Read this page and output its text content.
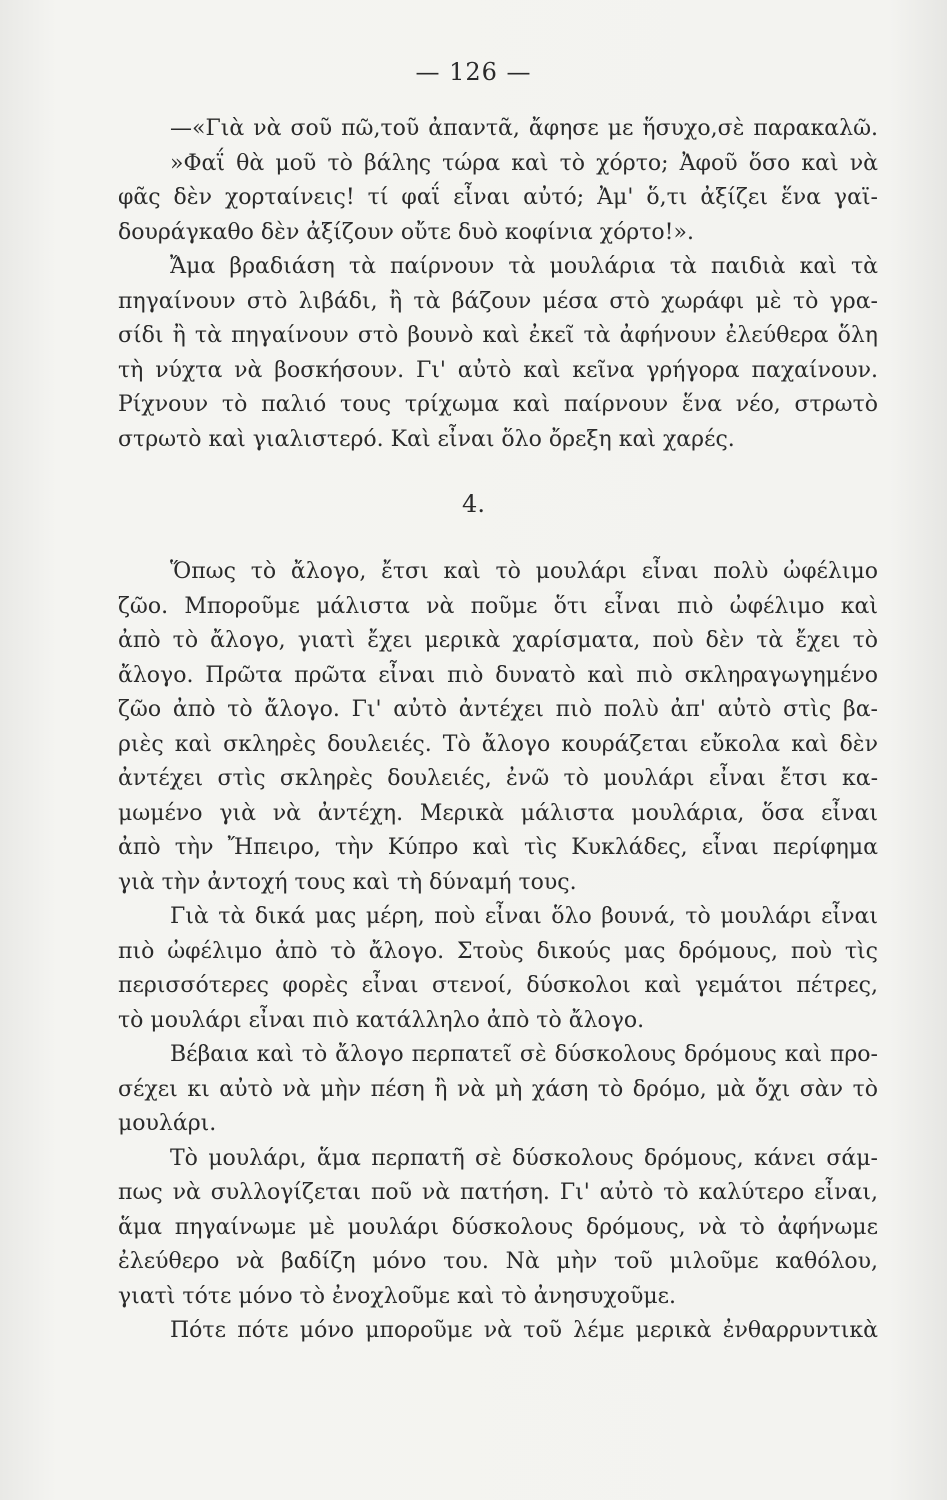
— 126 —
—«Γιὰ νὰ σοῦ πῶ,τοῦ ἀπαντᾶ, ἄφησε με ἥσυχο,σὲ παρακαλῶ.
»Φαΐ θὰ μοῦ τὸ βάλης τώρα καὶ τὸ χόρτο; Ἀφοῦ ὅσο καὶ νὰ
φᾶς δὲν χορταίνεις! τί φαΐ εἶναι αὐτό; Ἀμ' ὅ,τι ἀξίζει ἕνα γαϊ-
δουράγκαθο δὲν ἀξίζουν οὔτε δυὸ κοφίνια χόρτο!».
Ἄμα βραδιάση τὰ παίρνουν τὰ μουλάρια τὰ παιδιὰ καὶ τὰ
πηγαίνουν στὸ λιβάδι, ἢ τὰ βάζουν μέσα στὸ χωράφι μὲ τὸ γρα-
σίδι ἢ τὰ πηγαίνουν στὸ βουνὸ καὶ ἐκεῖ τὰ ἀφήνουν ἐλεύθερα ὅλη
τὴ νύχτα νὰ βοσκήσουν. Γι' αὐτὸ καὶ κεῖνα γρήγορα παχαίνουν.
Ρίχνουν τὸ παλιό τους τρίχωμα καὶ παίρνουν ἕνα νέο, στρωτὸ
στρωτὸ καὶ γιαλιστερό. Καὶ εἶναι ὅλο ὄρεξη καὶ χαρές.
4.
Ὅπως τὸ ἄλογο, ἔτσι καὶ τὸ μουλάρι εἶναι πολὺ ὠφέλιμο
ζῶο. Μποροῦμε μάλιστα νὰ ποῦμε ὅτι εἶναι πιὸ ὠφέλιμο καὶ
ἀπὸ τὸ ἄλογο, γιατὶ ἔχει μερικὰ χαρίσματα, ποὺ δὲν τὰ ἔχει τὸ
ἄλογο. Πρῶτα πρῶτα εἶναι πιὸ δυνατὸ καὶ πιὸ σκληραγωγημένο
ζῶο ἀπὸ τὸ ἄλογο. Γι' αὐτὸ ἀντέχει πιὸ πολὺ ἀπ' αὐτὸ στὶς βα-
ριὲς καὶ σκληρὲς δουλειές. Τὸ ἄλογο κουράζεται εὔκολα καὶ δὲν
ἀντέχει στὶς σκληρὲς δουλειές, ἐνῶ τὸ μουλάρι εἶναι ἔτσι κα-
μωμένο γιὰ νὰ ἀντέχη. Μερικὰ μάλιστα μουλάρια, ὅσα εἶναι
ἀπὸ τὴν Ἤπειρο, τὴν Κύπρο καὶ τὶς Κυκλάδες, εἶναι περίφημα
γιὰ τὴν ἀντοχή τους καὶ τὴ δύναμή τους.
Γιὰ τὰ δικά μας μέρη, ποὺ εἶναι ὅλο βουνά, τὸ μουλάρι εἶναι
πιὸ ὠφέλιμο ἀπὸ τὸ ἄλογο. Στοὺς δικούς μας δρόμους, ποὺ τὶς
περισσότερες φορὲς εἶναι στενοί, δύσκολοι καὶ γεμάτοι πέτρες,
τὸ μουλάρι εἶναι πιὸ κατάλληλο ἀπὸ τὸ ἄλογο.
Βέβαια καὶ τὸ ἄλογο περπατεῖ σὲ δύσκολους δρόμους καὶ προ-
σέχει κι αὐτὸ νὰ μὴν πέση ἢ νὰ μὴ χάση τὸ δρόμο, μὰ ὄχι σὰν τὸ
μουλάρι.
Τὸ μουλάρι, ἅμα περπατῆ σὲ δύσκολους δρόμους, κάνει σάμ-
πως νὰ συλλογίζεται ποῦ νὰ πατήση. Γι' αὐτὸ τὸ καλύτερο εἶναι,
ἅμα πηγαίνωμε μὲ μουλάρι δύσκολους δρόμους, νὰ τὸ ἀφήνωμε
ἐλεύθερο νὰ βαδίζη μόνο του. Νὰ μὴν τοῦ μιλοῦμε καθόλου,
γιατὶ τότε μόνο τὸ ἐνοχλοῦμε καὶ τὸ ἀνησυχοῦμε.
Πότε πότε μόνο μποροῦμε νὰ τοῦ λέμε μερικὰ ἐνθαρρυντικὰ
